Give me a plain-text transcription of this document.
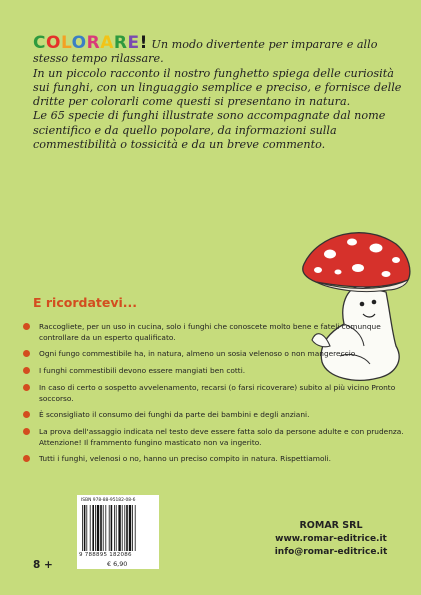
COLORARE! Un modo divertente per imparare e allo stesso tempo rilassare.

In un piccolo racconto il nostro funghetto spiega delle curiosità sui funghi, con un linguaggio semplice e preciso, e fornisce delle dritte per colorarli come questi si presentano in natura.

Le 65 specie di funghi illustrate sono accompagnate dal nome scientifico e da quello popolare, da informazioni sulla commestibilità o tossicità e da un breve commento.

E ricordatevi...
Raccogliete, per un uso in cucina, solo i funghi che conoscete molto bene e fateli comunque controllare da un esperto qualificato.
Ogni fungo commestibile ha, in natura, almeno un sosia velenoso o non mangereccio.
I funghi commestibili devono essere mangiati ben cotti.
In caso di certo o sospetto avvelenamento, recarsi (o farsi ricoverare) subito al più vicino Pronto soccorso.
È sconsigliato il consumo dei funghi da parte dei bambini e degli anziani.
La prova dell'assaggio indicata nel testo deve essere fatta solo da persone adulte e con prudenza. Attenzione! Il frammento fungino masticato non va ingerito.
Tutti i funghi, velenosi o no, hanno un preciso compito in natura. Rispettiamoli.
ISBN 978-88-95182-08-6
9 788895 182086
€ 6,90
8 +
ROMAR SRL
www.romar-editrice.it
info@romar-editrice.it
